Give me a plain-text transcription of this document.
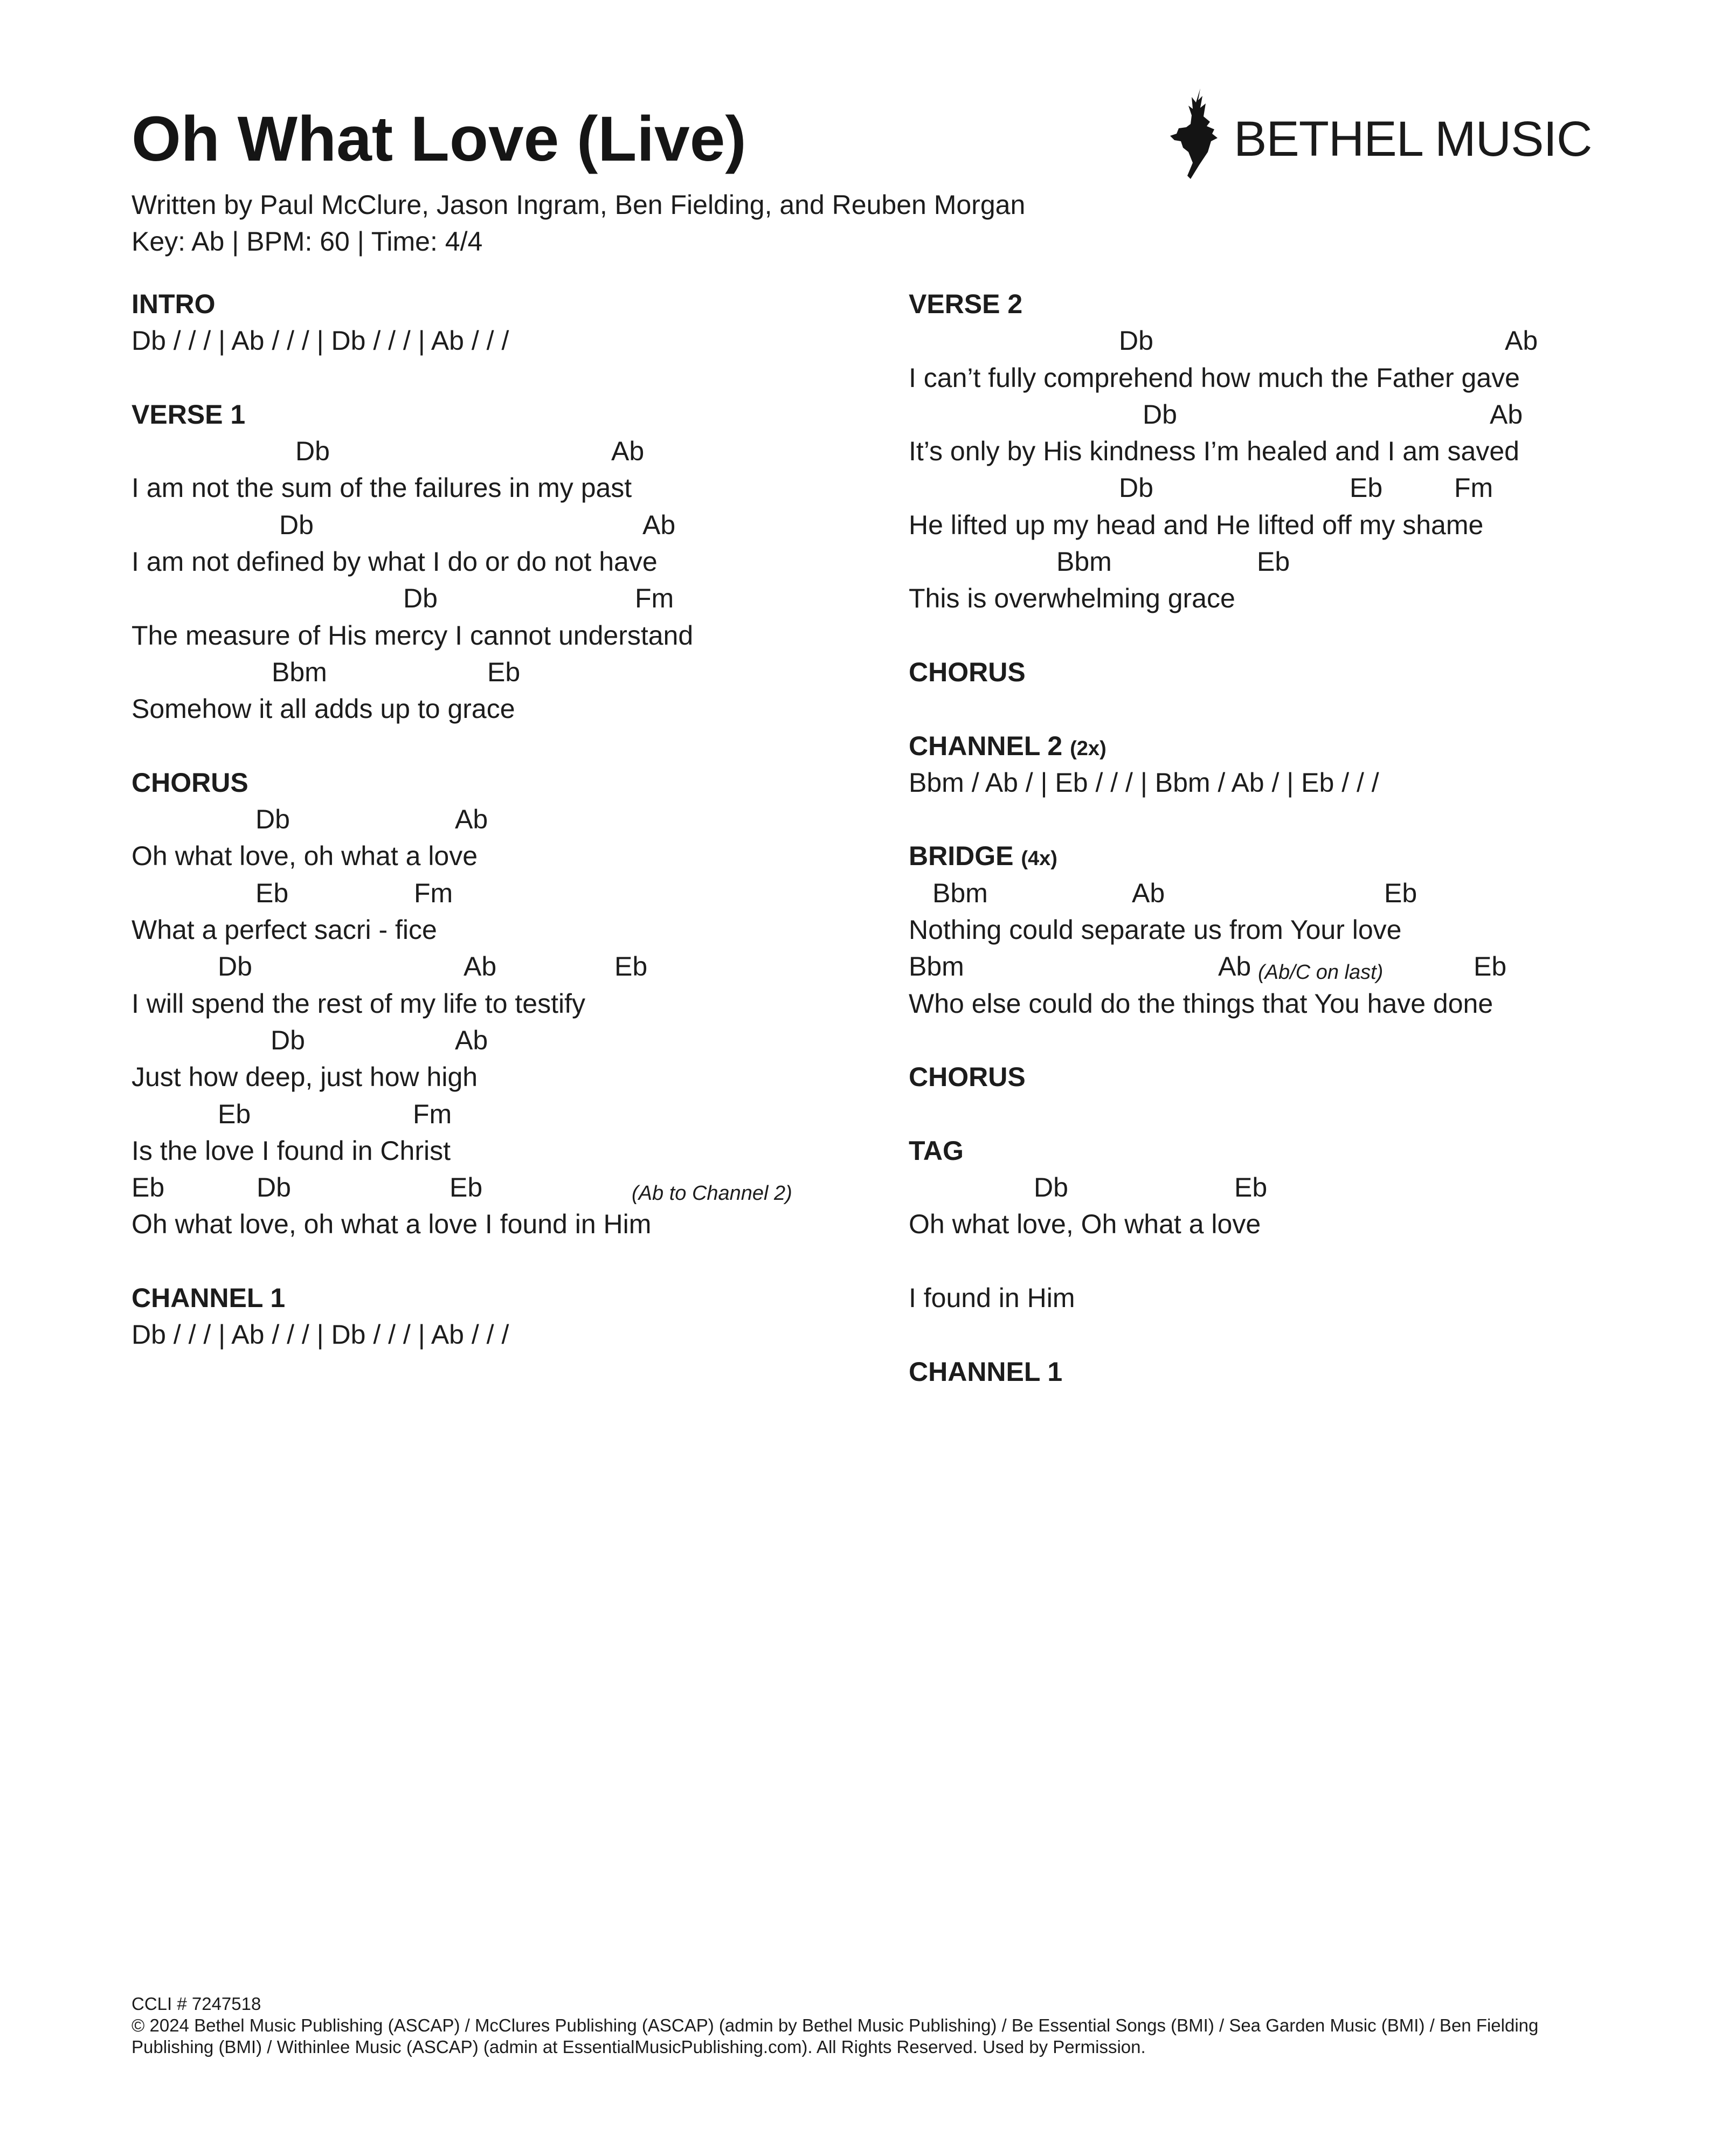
Oh What Love (Live)
Written by Paul McClure, Jason Ingram, Ben Fielding, and Reuben Morgan
Key: Ab | BPM: 60 | Time: 4/4
BETHEL MUSIC
INTRO
Db / / / | Ab / / / | Db / / / | Ab / / /
VERSE 1
Db	Ab
I am not the sum of the failures in my past
Db	Ab
I am not defined by what I do or do not have
Db	Fm
The measure of His mercy I cannot understand
Bbm	Eb
Somehow it all adds up to grace
CHORUS
Db	Ab
Oh what love, oh what a love
Eb	Fm
What a perfect sacri - fice
Db	Ab	Eb
I will spend the rest of my life to testify
Db	Ab
Just how deep, just how high
Eb	Fm
Is the love I found in Christ
Eb	Db	Eb	(Ab to Channel 2)
Oh what love, oh what a love I found in Him
CHANNEL 1
Db / / / | Ab / / / | Db / / / | Ab / / /
VERSE 2
Db	Ab
I can’t fully comprehend how much the Father gave
Db	Ab
It’s only by His kindness I’m healed and I am saved
Db	Eb	Fm
He lifted up my head and He lifted off my shame
Bbm	Eb
This is overwhelming grace
CHORUS
CHANNEL 2 (2x)
Bbm / Ab / | Eb / / / | Bbm / Ab / | Eb / / /
BRIDGE (4x)
Bbm	Ab	Eb
Nothing could separate us from Your love
Bbm	Ab (Ab/C on last)	Eb
Who else could do the things that You have done
CHORUS
TAG
Db	Eb
Oh what love, Oh what a love
I found in Him
CHANNEL 1
CCLI # 7247518
© 2024 Bethel Music Publishing (ASCAP) / McClures Publishing (ASCAP) (admin by Bethel Music Publishing) / Be Essential Songs (BMI) / Sea Garden Music (BMI) / Ben Fielding Publishing (BMI) / Withinlee Music (ASCAP) (admin at EssentialMusicPublishing.com). All Rights Reserved. Used by Permission.
